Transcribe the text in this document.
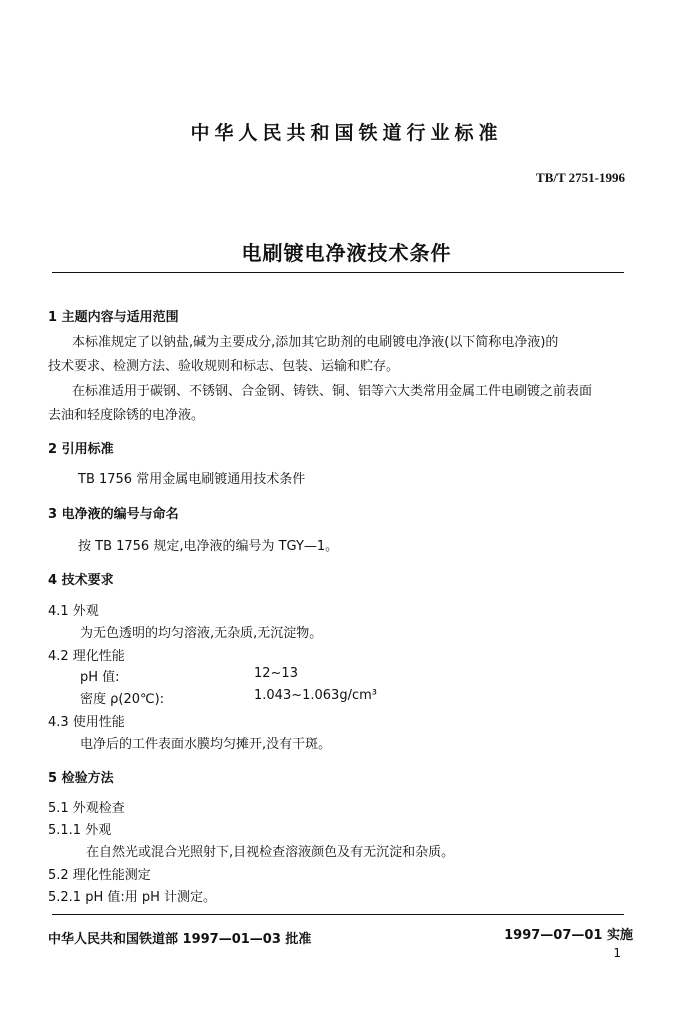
中华人民共和国铁道行业标准
TB/T 2751-1996
电刷镀电净液技术条件
1 主题内容与适用范围
本标准规定了以钠盐,碱为主要成分,添加其它助剂的电刷镀电净液(以下简称电净液)的
技术要求、检测方法、验收规则和标志、包装、运输和贮存。
在标准适用于碳钢、不锈钢、合金钢、铸铁、铜、铝等六大类常用金属工件电刷镀之前表面
去油和轻度除锈的电净液。
2 引用标准
TB 1756 常用金属电刷镀通用技术条件
3 电净液的编号与命名
按 TB 1756 规定,电净液的编号为 TGY—1。
4 技术要求
4.1 外观
为无色透明的均匀溶液,无杂质,无沉淀物。
4.2 理化性能
pH 值:	12~13
密度 ρ(20℃):	1.043~1.063g/cm³
4.3 使用性能
电净后的工件表面水膜均匀摊开,没有干斑。
5 检验方法
5.1 外观检查
5.1.1 外观
在自然光或混合光照射下,目视检查溶液颜色及有无沉淀和杂质。
5.2 理化性能测定
5.2.1 pH 值:用 pH 计测定。
中华人民共和国铁道部 1997—01—03 批准	1997—07—01 实施
1
